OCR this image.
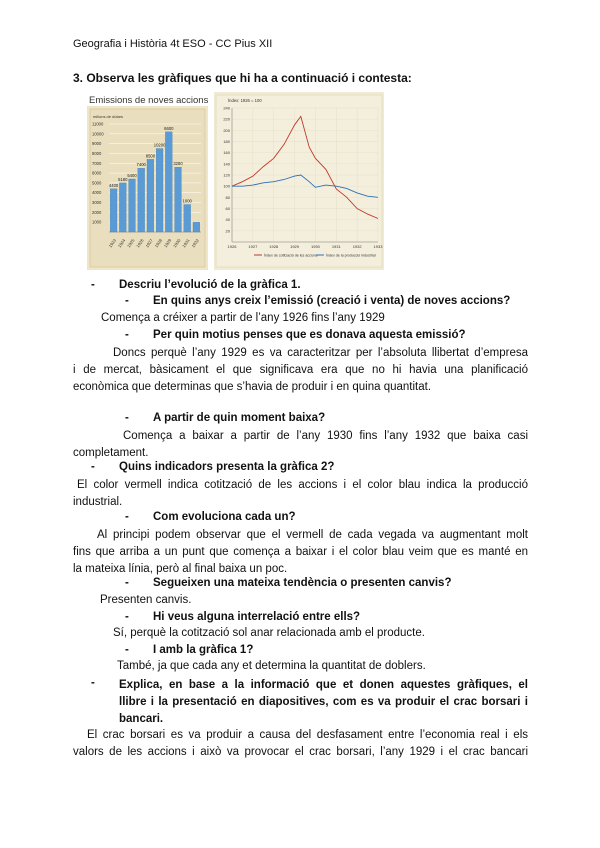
Geografia i Història 4t ESO - CC Pius XII
3. Observa les gràfiques que hi ha a continuació i contesta:
Emissions de noves accions
milions de dòlars
11000
10000
9000
8000
7000
6000
5000
4000
3000
2000
1000
4400
1923
5180
1924
5400
1925
7400
1926
8500
1927
10200
1928
6600
1929
3280
1930
1000
1931 1932
Índex: 1926 = 100
20
40
60
80
100
120
140
160
180
200
220
240
1926	1927	1928	1929	1930	1931	1932	1933
Índex de cotització de les accions Índex de la producció industrial
- Descriu l’evolució de la gràfica 1.
- En quins anys creix l’emissió (creació i venta) de noves accions?
Comença a créixer a partir de l’any 1926 fins l’any 1929
- Per quin motius penses que es donava aquesta emissió?
Doncs perquè l’any 1929 es va caracteritzar per l’absoluta llibertat d’empresa
i de mercat, bàsicament el que significava era que no hi havia una planificació
econòmica que determinas que s’havia de produir i en quina quantitat.
- A partir de quin moment baixa?
Comença a baixar a partir de l’any 1930 fins l’any 1932 que baixa casi
completament.
- Quins indicadors presenta la gràfica 2?
El color vermell indica cotització de les accions i el color blau indica la producció
industrial.
- Com evoluciona cada un?
Al principi podem observar que el vermell de cada vegada va augmentant molt
fins que arriba a un punt que comença a baixar i el color blau veim que es manté en
la mateixa línia, però al final baixa un poc.
- Segueixen una mateixa tendència o presenten canvis?
Presenten canvis.
- Hi veus alguna interrelació entre ells?
Sí, perquè la cotització sol anar relacionada amb el producte.
- I amb la gràfica 1?
També, ja que cada any et determina la quantitat de doblers.
-	Explica, en base a la informació que et donen aquestes gràfiques, el
llibre i la presentació en diapositives, com es va produir el crac borsari i
bancari.
El crac borsari es va produir a causa del desfasament entre l’economia real i els
valors de les accions i això va provocar el crac borsari, l’any 1929 i el crac bancari
